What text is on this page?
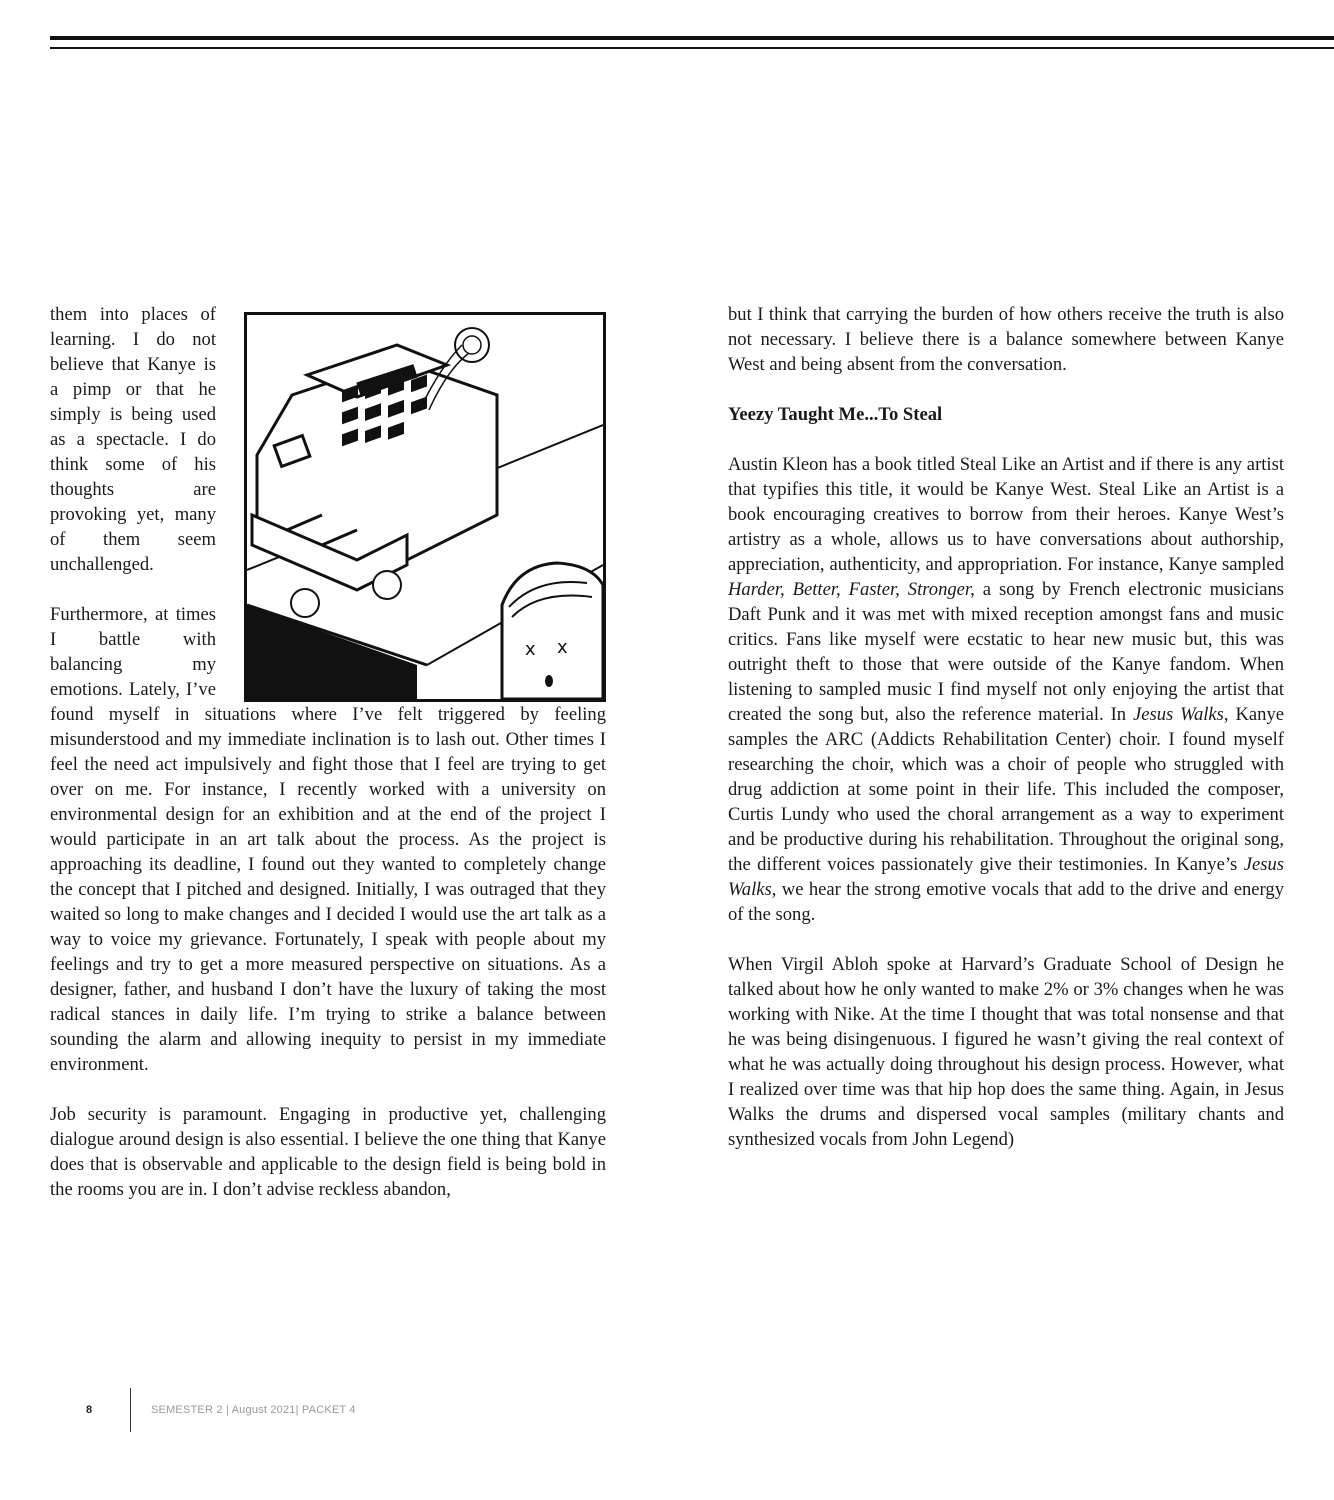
x x

them into places of learning. I do not believe that Kanye is a pimp or that he simply is being used as a spectacle. I do think some of his thoughts are provoking yet, many of them seem unchallenged.

Furthermore, at times I battle with balancing my emotions. Lately, I’ve found myself in situations where I’ve felt triggered by feeling misunderstood and my immediate inclination is to lash out. Other times I feel the need act impulsively and fight those that I feel are trying to get over on me. For instance, I recently worked with a university on environmental design for an exhibition and at the end of the project I would participate in an art talk about the process. As the project is approaching its deadline, I found out they wanted to completely change the concept that I pitched and designed. Initially, I was outraged that they waited so long to make changes and I decided I would use the art talk as a way to voice my grievance. Fortunately, I speak with people about my feelings and try to get a more measured perspective on situations. As a designer, father, and husband I don’t have the luxury of taking the most radical stances in daily life. I’m trying to strike a balance between sounding the alarm and allowing inequity to persist in my immediate environment.

Job security is paramount. Engaging in productive yet, challenging dialogue around design is also essential. I believe the one thing that Kanye does that is observable and applicable to the design field is being bold in the rooms you are in. I don’t advise reckless abandon,

but I think that carrying the burden of how others receive the truth is also not necessary. I believe there is a balance somewhere between Kanye West and being absent from the conversation.

Yeezy Taught Me...To Steal

Austin Kleon has a book titled Steal Like an Artist and if there is any artist that typifies this title, it would be Kanye West. Steal Like an Artist is a book encouraging creatives to borrow from their heroes. Kanye West’s artistry as a whole, allows us to have conversations about authorship, appreciation, authenticity, and appropriation. For instance, Kanye sampled Harder, Better, Faster, Stronger, a song by French electronic musicians Daft Punk and it was met with mixed reception amongst fans and music critics. Fans like myself were ecstatic to hear new music but, this was outright theft to those that were outside of the Kanye fandom. When listening to sampled music I find myself not only enjoying the artist that created the song but, also the reference material. In Jesus Walks, Kanye samples the ARC (Addicts Rehabilitation Center) choir. I found myself researching the choir, which was a choir of people who struggled with drug addiction at some point in their life. This included the composer, Curtis Lundy who used the choral arrangement as a way to experiment and be productive during his rehabilitation. Throughout the original song, the different voices passionately give their testimonies. In Kanye’s Jesus Walks, we hear the strong emotive vocals that add to the drive and energy of the song.

When Virgil Abloh spoke at Harvard’s Graduate School of Design he talked about how he only wanted to make 2% or 3% changes when he was working with Nike. At the time I thought that was total nonsense and that he was being disingenuous. I figured he wasn’t giving the real context of what he was actually doing throughout his design process. However, what I realized over time was that hip hop does the same thing. Again, in Jesus Walks the drums and dispersed vocal samples (military chants and synthesized vocals from John Legend)

8	SEMESTER 2 | August 2021| PACKET 4
